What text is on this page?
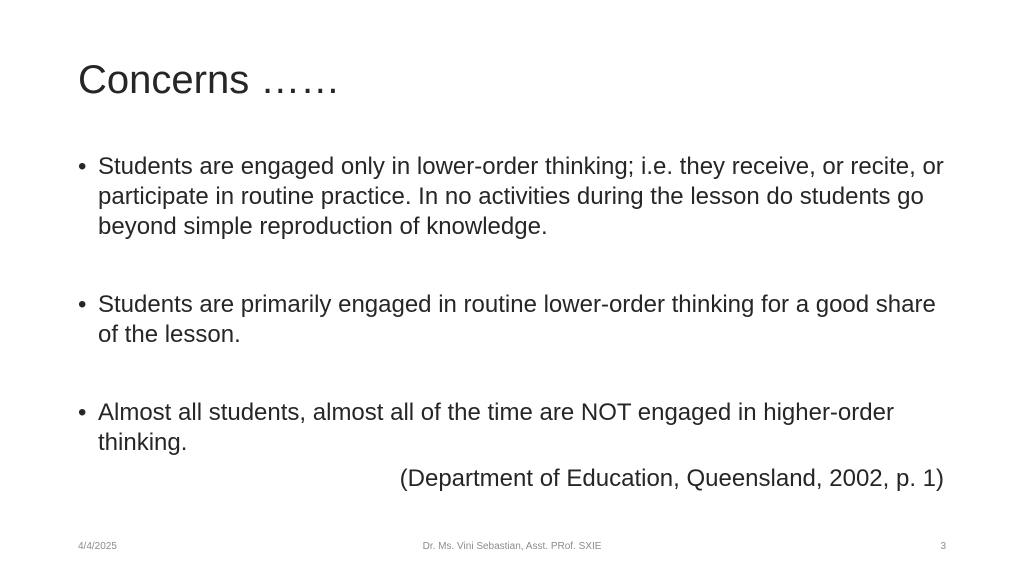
Concerns ……
• Students are engaged only in lower-order thinking; i.e. they receive, or recite, or participate in routine practice. In no activities during the lesson do students go beyond simple reproduction of knowledge.
• Students are primarily engaged in routine lower-order thinking for a good share of the lesson.
• Almost all students, almost all of the time are NOT engaged in higher-order thinking.
(Department of Education, Queensland, 2002, p. 1)
4/4/2025	Dr. Ms. Vini Sebastian, Asst. PRof. SXIE	3
